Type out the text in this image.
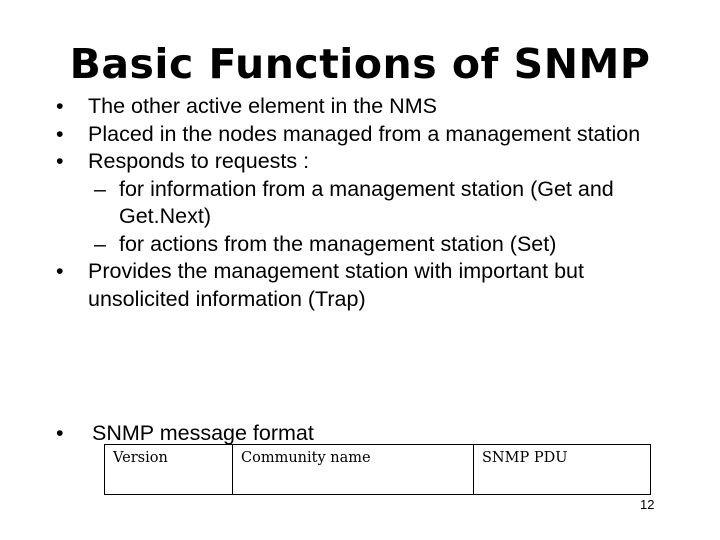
Basic Functions of SNMP
• The other active element in the NMS
• Placed in the nodes managed from a management station
• Responds to requests :
– for information from a management station (Get and Get.Next)
– for actions from the management station (Set)
• Provides the management station with important but unsolicited information (Trap)
• SNMP message format
Version	Community name	SNMP PDU
12
